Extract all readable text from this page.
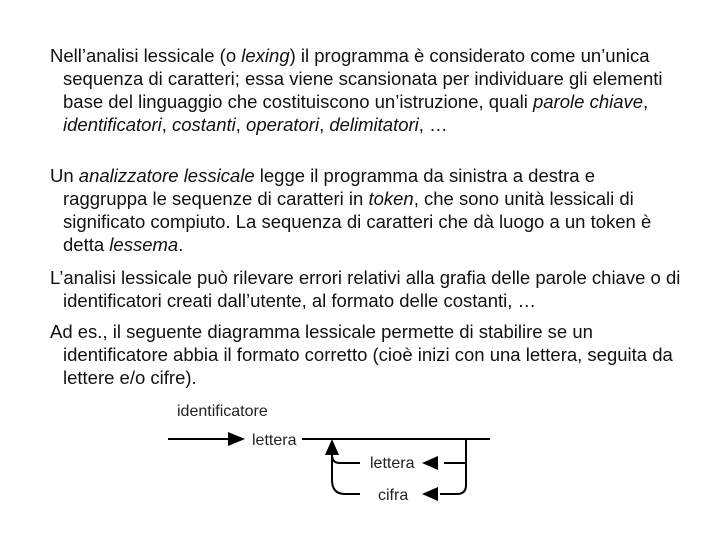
Nell’analisi lessicale (o lexing) il programma è considerato come un’unica sequenza di caratteri; essa viene scansionata per individuare gli elementi base del linguaggio che costituiscono un’istruzione, quali parole chiave, identificatori, costanti, operatori, delimitatori, …

Un analizzatore lessicale legge il programma da sinistra a destra e raggruppa le sequenze di caratteri in token, che sono unità lessicali di significato compiuto. La sequenza di caratteri che dà luogo a un token è detta lessema.

L’analisi lessicale può rilevare errori relativi alla grafia delle parole chiave o di identificatori creati dall’utente, al formato delle costanti, …

Ad es., il seguente diagramma lessicale permette di stabilire se un identificatore abbia il formato corretto (cioè inizi con una lettera, seguita da lettere e/o cifre).

identificatore
lettera
lettera
cifra
